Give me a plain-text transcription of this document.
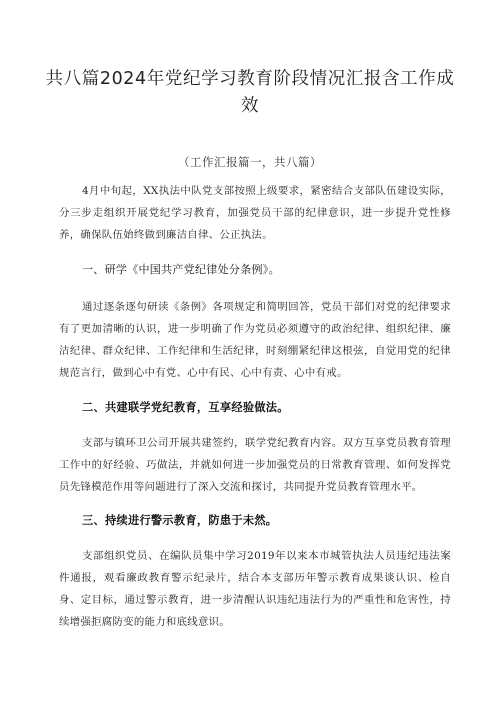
共八篇2024年党纪学习教育阶段情况汇报含工作成效
（工作汇报篇一，共八篇）

4月中旬起，XX执法中队党支部按照上级要求，紧密结合支部队伍建设实际，分三步走组织开展党纪学习教育，加强党员干部的纪律意识，进一步提升党性修养，确保队伍始终做到廉洁自律、公正执法。

一、研学《中国共产党纪律处分条例》。

通过逐条逐句研读《条例》各项规定和简明回答，党员干部们对党的纪律要求有了更加清晰的认识，进一步明确了作为党员必须遵守的政治纪律、组织纪律、廉洁纪律、群众纪律、工作纪律和生活纪律，时刻绷紧纪律这根弦，自觉用党的纪律规范言行，做到心中有党、心中有民、心中有责、心中有戒。

二、共建联学党纪教育，互享经验做法。

支部与镇环卫公司开展共建签约，联学党纪教育内容。双方互享党员教育管理工作中的好经验、巧做法，并就如何进一步加强党员的日常教育管理、如何发挥党员先锋模范作用等问题进行了深入交流和探讨，共同提升党员教育管理水平。

三、持续进行警示教育，防患于未然。

支部组织党员、在编队员集中学习2019年以来本市城管执法人员违纪违法案件通报，观看廉政教育警示纪录片，结合本支部历年警示教育成果谈认识、检自身、定目标，通过警示教育，进一步清醒认识违纪违法行为的严重性和危害性，持续增强拒腐防变的能力和底线意识。
